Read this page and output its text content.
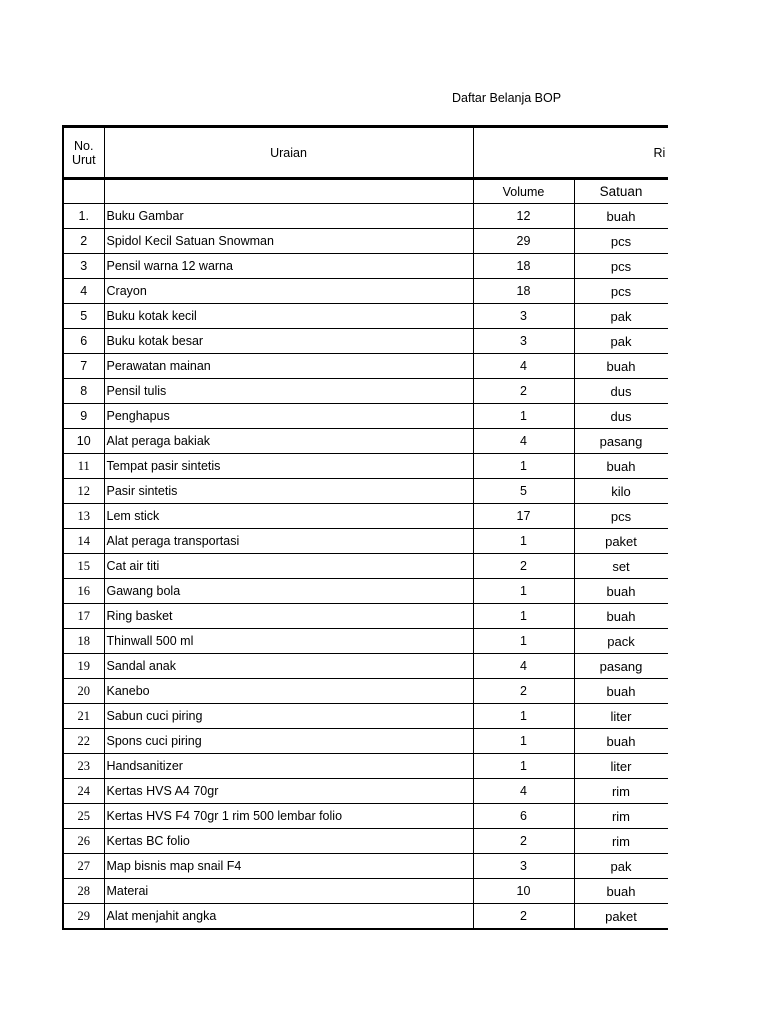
Daftar Belanja BOP
No.
Urut	Uraian	Ri		
		Volume	Satuan	
1.	Buku Gambar	12	buah	
2	Spidol Kecil Satuan Snowman	29	pcs	
3	Pensil warna 12 warna	18	pcs	
4	Crayon	18	pcs	
5	Buku kotak kecil	3	pak	
6	Buku kotak besar	3	pak	
7	Perawatan mainan	4	buah	
8	Pensil tulis	2	dus	
9	Penghapus	1	dus	
10	Alat peraga bakiak	4	pasang	
11	Tempat pasir sintetis	1	buah	
12	Pasir sintetis	5	kilo	
13	Lem stick	17	pcs	
14	Alat peraga transportasi	1	paket	
15	Cat air titi	2	set	
16	Gawang bola	1	buah	
17	Ring basket	1	buah	
18	Thinwall 500 ml	1	pack	
19	Sandal anak	4	pasang	
20	Kanebo	2	buah	
21	Sabun cuci piring	1	liter	
22	Spons cuci piring	1	buah	
23	Handsanitizer	1	liter	
24	Kertas HVS A4 70gr	4	rim	
25	Kertas HVS F4 70gr 1 rim 500 lembar folio	6	rim	
26	Kertas BC folio	2	rim	
27	Map bisnis map snail F4	3	pak	
28	Materai	10	buah	
29	Alat menjahit angka	2	paket	
